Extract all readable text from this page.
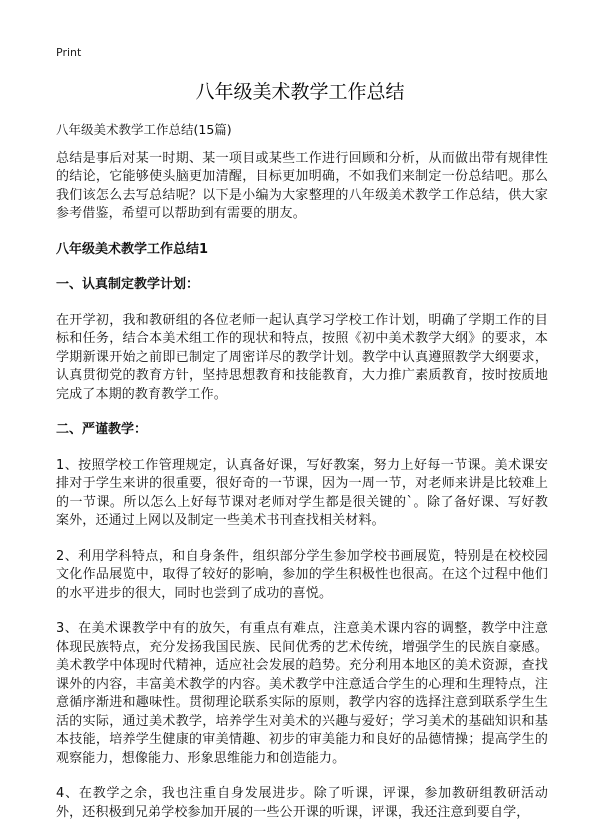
Print
八年级美术教学工作总结

八年级美术教学工作总结(15篇)

总结是事后对某一时期、某一项目或某些工作进行回顾和分析，从而做出带有规律性的结论，它能够使头脑更加清醒，目标更加明确，不如我们来制定一份总结吧。那么我们该怎么去写总结呢？以下是小编为大家整理的八年级美术教学工作总结，供大家参考借鉴，希望可以帮助到有需要的朋友。

八年级美术教学工作总结1

一、认真制定教学计划：

在开学初，我和教研组的各位老师一起认真学习学校工作计划，明确了学期工作的目标和任务，结合本美术组工作的现状和特点，按照《初中美术教学大纲》的要求，本学期新课开始之前即已制定了周密详尽的教学计划。教学中认真遵照教学大纲要求，认真贯彻党的教育方针，坚持思想教育和技能教育，大力推广素质教育，按时按质地完成了本期的教育教学工作。

二、严谨教学：

1、按照学校工作管理规定，认真备好课，写好教案，努力上好每一节课。美术课安排对于学生来讲的很重要，很好奇的一节课，因为一周一节，对老师来讲是比较难上的一节课。所以怎么上好每节课对老师对学生都是很关键的`。除了备好课、写好教案外，还通过上网以及制定一些美术书刊查找相关材料。

2、利用学科特点，和自身条件，组织部分学生参加学校书画展览，特别是在校校园文化作品展览中，取得了较好的影响，参加的学生积极性也很高。在这个过程中他们的水平进步的很大，同时也尝到了成功的喜悦。

3、在美术课教学中有的放矢，有重点有难点，注意美术课内容的调整，教学中注意体现民族特点，充分发扬我国民族、民间优秀的艺术传统，增强学生的民族自豪感。美术教学中体现时代精神，适应社会发展的趋势。充分利用本地区的美术资源，查找课外的内容，丰富美术教学的内容。美术教学中注意适合学生的心理和生理特点，注意循序渐进和趣味性。贯彻理论联系实际的原则，教学内容的选择注意到联系学生生活的实际，通过美术教学，培养学生对美术的兴趣与爱好；学习美术的基础知识和基本技能，培养学生健康的审美情趣、初步的审美能力和良好的品德情操；提高学生的观察能力，想像能力、形象思维能力和创造能力。

4、在教学之余，我也注重自身发展进步。除了听课，评课，参加教研组教研活动外，还积极到兄弟学校参加开展的一些公开课的听课，评课，我还注意到要自学，
